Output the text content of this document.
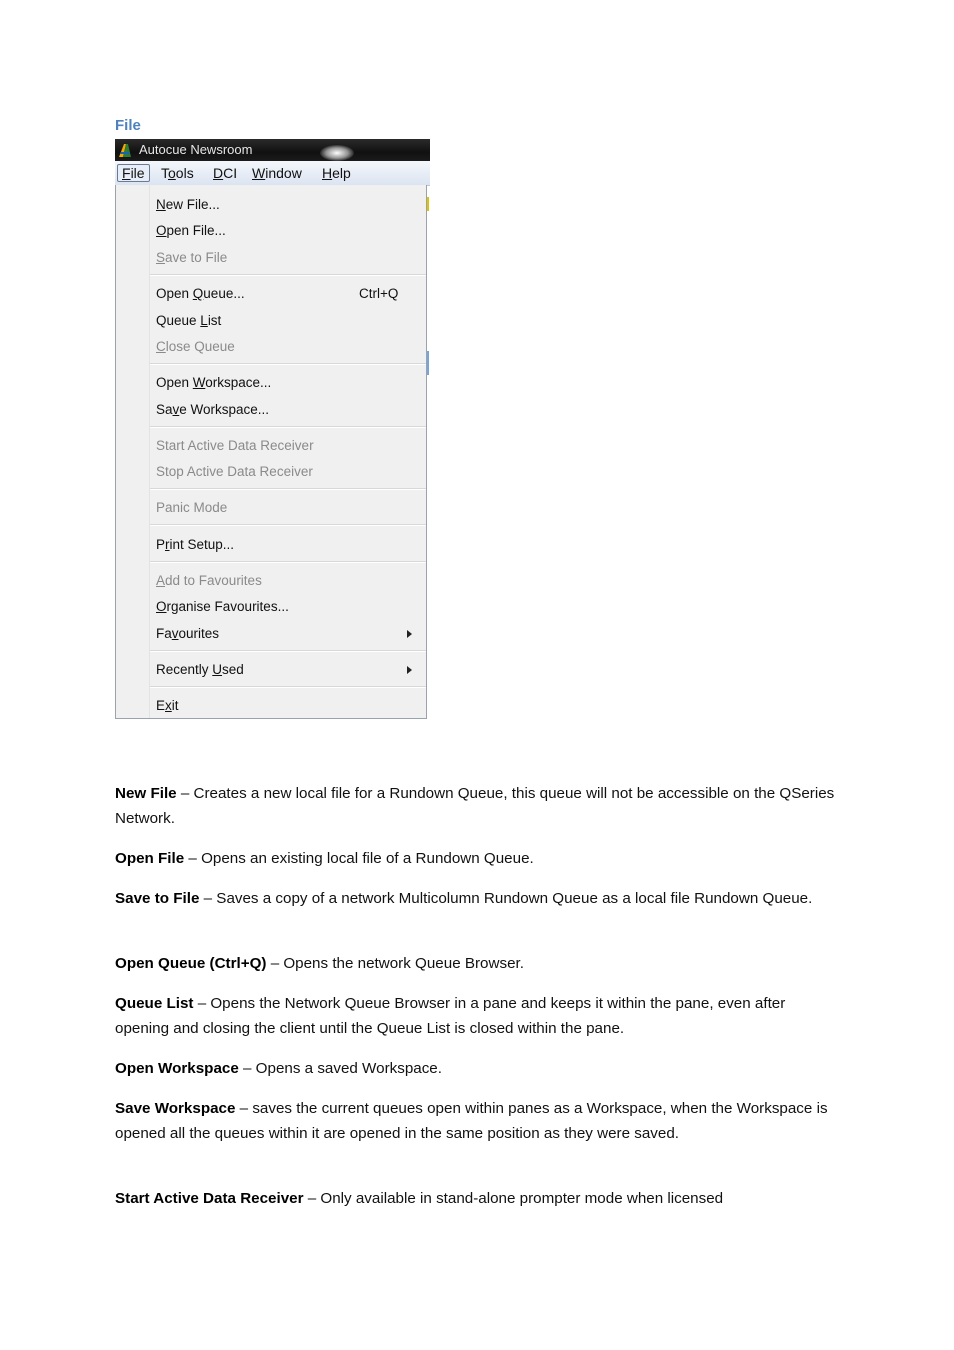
File
Autocue Newsroom
File	Tools DCI Window Help
New File...
Open File...
Save to File
Open Queue...	Ctrl+Q
Queue List
Close Queue
Open Workspace...
Save Workspace...
Start Active Data Receiver
Stop Active Data Receiver
Panic Mode
Print Setup...
Add to Favourites
Organise Favourites...
Favourites
Recently Used
Exit
New File – Creates a new local file for a Rundown Queue, this queue will not be accessible on the QSeries Network.
Open File – Opens an existing local file of a Rundown Queue.
Save to File – Saves a copy of a network Multicolumn Rundown Queue as a local file Rundown Queue.
Open Queue (Ctrl+Q) – Opens the network Queue Browser.
Queue List – Opens the Network Queue Browser in a pane and keeps it within the pane, even after opening and closing the client until the Queue List is closed within the pane.
Open Workspace – Opens a saved Workspace.
Save Workspace – saves the current queues open within panes as a Workspace, when the Workspace is opened all the queues within it are opened in the same position as they were saved.
Start Active Data Receiver – Only available in stand-alone prompter mode when licensed
